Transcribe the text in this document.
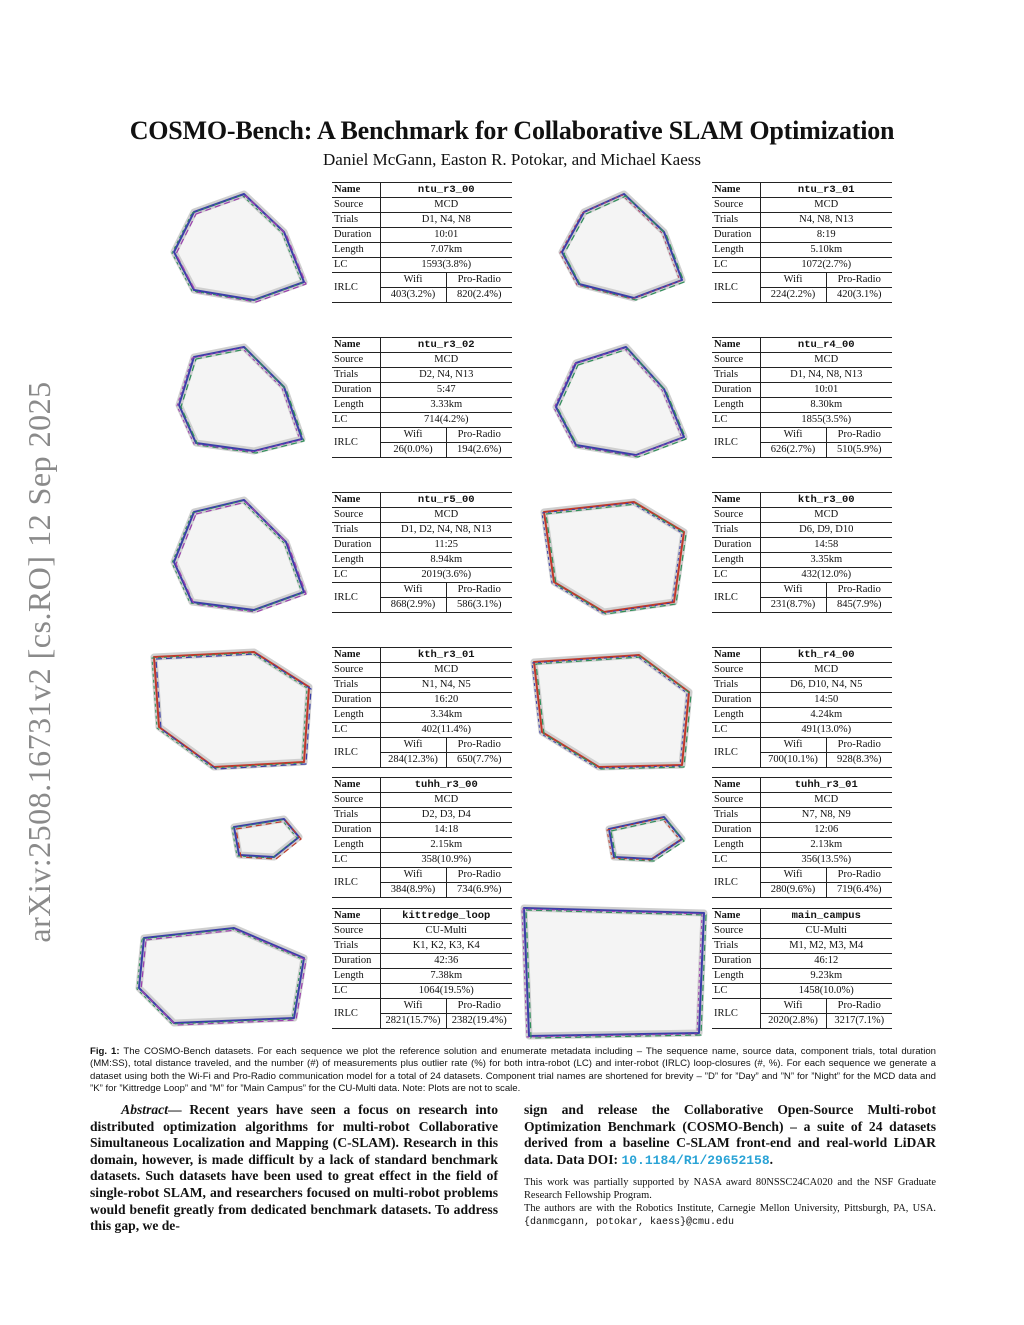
arXiv:2508.16731v2 [cs.RO] 12 Sep 2025
COSMO-Bench: A Benchmark for Collaborative SLAM Optimization
Daniel McGann, Easton R. Potokar, and Michael Kaess
Name	ntu_r3_00	
Source	MCD	
Trials	D1, N4, N8	
Duration	10:01	
Length	7.07km	
LC	1593(3.8%)	
IRLC	Wifi	Pro-Radio
	403(3.2%)	820(2.4%)
Name	ntu_r3_01	
Source	MCD	
Trials	N4, N8, N13	
Duration	8:19	
Length	5.10km	
LC	1072(2.7%)	
IRLC	Wifi	Pro-Radio
	224(2.2%)	420(3.1%)
Name	ntu_r3_02	
Source	MCD	
Trials	D2, N4, N13	
Duration	5:47	
Length	3.33km	
LC	714(4.2%)	
IRLC	Wifi	Pro-Radio
	26(0.0%)	194(2.6%)
Name	ntu_r4_00	
Source	MCD	
Trials	D1, N4, N8, N13	
Duration	10:01	
Length	8.30km	
LC	1855(3.5%)	
IRLC	Wifi	Pro-Radio
	626(2.7%)	510(5.9%)
Name	ntu_r5_00	
Source	MCD	
Trials	D1, D2, N4, N8, N13	
Duration	11:25	
Length	8.94km	
LC	2019(3.6%)	
IRLC	Wifi	Pro-Radio
	868(2.9%)	586(3.1%)
Name	kth_r3_00	
Source	MCD	
Trials	D6, D9, D10	
Duration	14:58	
Length	3.35km	
LC	432(12.0%)	
IRLC	Wifi	Pro-Radio
	231(8.7%)	845(7.9%)
Name	kth_r3_01	
Source	MCD	
Trials	N1, N4, N5	
Duration	16:20	
Length	3.34km	
LC	402(11.4%)	
IRLC	Wifi	Pro-Radio
	284(12.3%)	650(7.7%)
Name	kth_r4_00	
Source	MCD	
Trials	D6, D10, N4, N5	
Duration	14:50	
Length	4.24km	
LC	491(13.0%)	
IRLC	Wifi	Pro-Radio
	700(10.1%)	928(8.3%)
Name	tuhh_r3_00	
Source	MCD	
Trials	D2, D3, D4	
Duration	14:18	
Length	2.15km	
LC	358(10.9%)	
IRLC	Wifi	Pro-Radio
	384(8.9%)	734(6.9%)
Name	tuhh_r3_01	
Source	MCD	
Trials	N7, N8, N9	
Duration	12:06	
Length	2.13km	
LC	356(13.5%)	
IRLC	Wifi	Pro-Radio
	280(9.6%)	719(6.4%)
Name	kittredge_loop	
Source	CU-Multi	
Trials	K1, K2, K3, K4	
Duration	42:36	
Length	7.38km	
LC	1064(19.5%)	
IRLC	Wifi	Pro-Radio
	2821(15.7%)	2382(19.4%)
Name	main_campus	
Source	CU-Multi	
Trials	M1, M2, M3, M4	
Duration	46:12	
Length	9.23km	
LC	1458(10.0%)	
IRLC	Wifi	Pro-Radio
	2020(2.8%)	3217(7.1%)
Fig. 1: The COSMO-Bench datasets. For each sequence we plot the reference solution and enumerate metadata including – The sequence name, source data, component trials, total duration (MM:SS), total distance traveled, and the number (#) of measurements plus outlier rate (%) for both intra-robot (LC) and inter-robot (IRLC) loop-closures (#, %). For each sequence we generate a dataset using both the Wi-Fi and Pro-Radio communication model for a total of 24 datasets. Component trial names are shortened for brevity – ”D” for ”Day” and ”N” for ”Night” for the MCD data and ”K” for ”Kittredge Loop” and ”M” for ”Main Campus” for the CU-Multi data. Note: Plots are not to scale.
Abstract— Recent years have seen a focus on research into distributed optimization algorithms for multi-robot Collaborative Simultaneous Localization and Mapping (C-SLAM). Research in this domain, however, is made difficult by a lack of standard benchmark datasets. Such datasets have been used to great effect in the field of single-robot SLAM, and researchers focused on multi-robot problems would benefit greatly from dedicated benchmark datasets. To address this gap, we de-
sign and release the Collaborative Open-Source Multi-robot Optimization Benchmark (COSMO-Bench) – a suite of 24 datasets derived from a baseline C-SLAM front-end and real-world LiDAR data. Data DOI: 10.1184/R1/29652158.

This work was partially supported by NASA award 80NSSC24CA020 and the NSF Graduate Research Fellowship Program.

The authors are with the Robotics Institute, Carnegie Mellon University, Pittsburgh, PA, USA. {danmcgann, potokar, kaess}@cmu.edu
